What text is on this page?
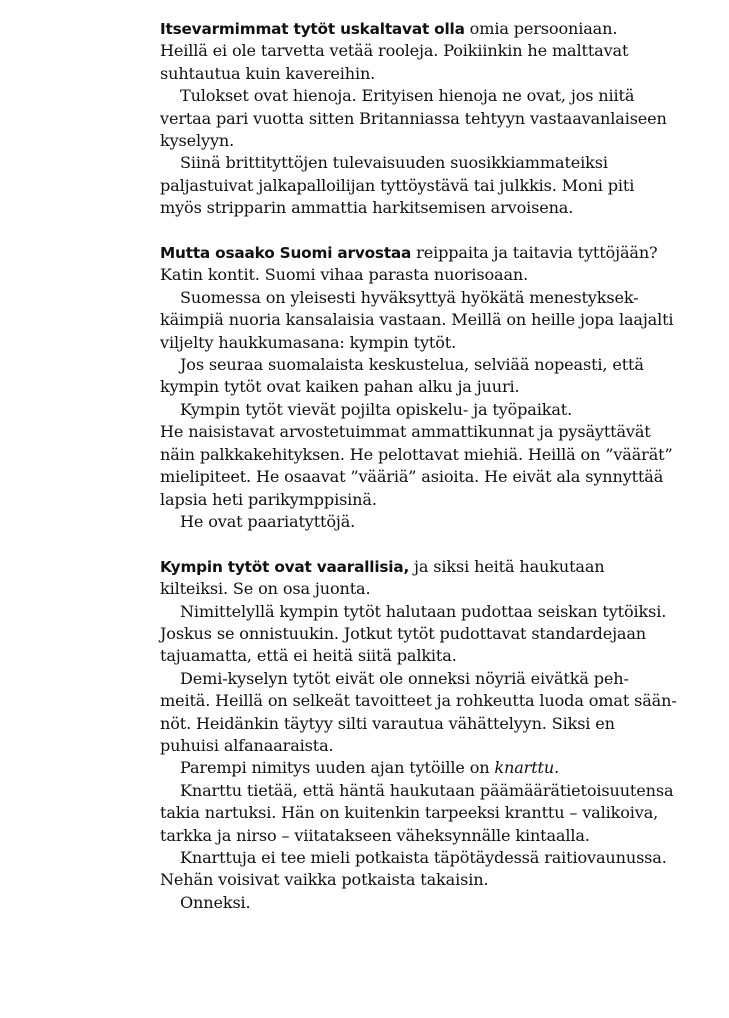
Itsevarmimmat tytöt uskaltavat olla omia persooniaan.
Heillä ei ole tarvetta vetää rooleja. Poikiinkin he malttavat
suhtautua kuin kavereihin.
Tulokset ovat hienoja. Erityisen hienoja ne ovat, jos niitä
vertaa pari vuotta sitten Britanniassa tehtyyn vastaavanlaiseen
kyselyyn.
Siinä brittityttöjen tulevaisuuden suosikkiammateiksi
paljastuivat jalkapalloilijan tyttöystävä tai julkkis. Moni piti
myös stripparin ammattia harkitsemisen arvoisena.
Mutta osaako Suomi arvostaa reippaita ja taitavia tyttöjään?
Katin kontit. Suomi vihaa parasta nuorisoaan.
Suomessa on yleisesti hyväksyttyä hyökätä menestyksek-
käimpiä nuoria kansalaisia vastaan. Meillä on heille jopa laajalti
viljelty haukkumasana: kympin tytöt.
Jos seuraa suomalaista keskustelua, selviää nopeasti, että
kympin tytöt ovat kaiken pahan alku ja juuri.
Kympin tytöt vievät pojilta opiskelu- ja työpaikat.
He naisistavat arvostetuimmat ammattikunnat ja pysäyttävät
näin palkkakehityksen. He pelottavat miehiä. Heillä on ”väärät”
mielipiteet. He osaavat ”vääriä” asioita. He eivät ala synnyttää
lapsia heti parikymppisinä.
He ovat paariatyttöjä.
Kympin tytöt ovat vaarallisia, ja siksi heitä haukutaan
kilteiksi. Se on osa juonta.
Nimittelyllä kympin tytöt halutaan pudottaa seiskan tytöiksi.
Joskus se onnistuukin. Jotkut tytöt pudottavat standardejaan
tajuamatta, että ei heitä siitä palkita.
Demi-kyselyn tytöt eivät ole onneksi nöyriä eivätkä peh-
meitä. Heillä on selkeät tavoitteet ja rohkeutta luoda omat sään-
nöt. Heidänkin täytyy silti varautua vähättelyyn. Siksi en
puhuisi alfanaaraista.
Parempi nimitys uuden ajan tytöille on knarttu.
Knarttu tietää, että häntä haukutaan päämäärätietoisuutensa
takia nartuksi. Hän on kuitenkin tarpeeksi kranttu – valikoiva,
tarkka ja nirso – viitatakseen väheksynnälle kintaalla.
Knarttuja ei tee mieli potkaista täpötäydessä raitiovaunussa.
Nehän voisivat vaikka potkaista takaisin.
Onneksi.
